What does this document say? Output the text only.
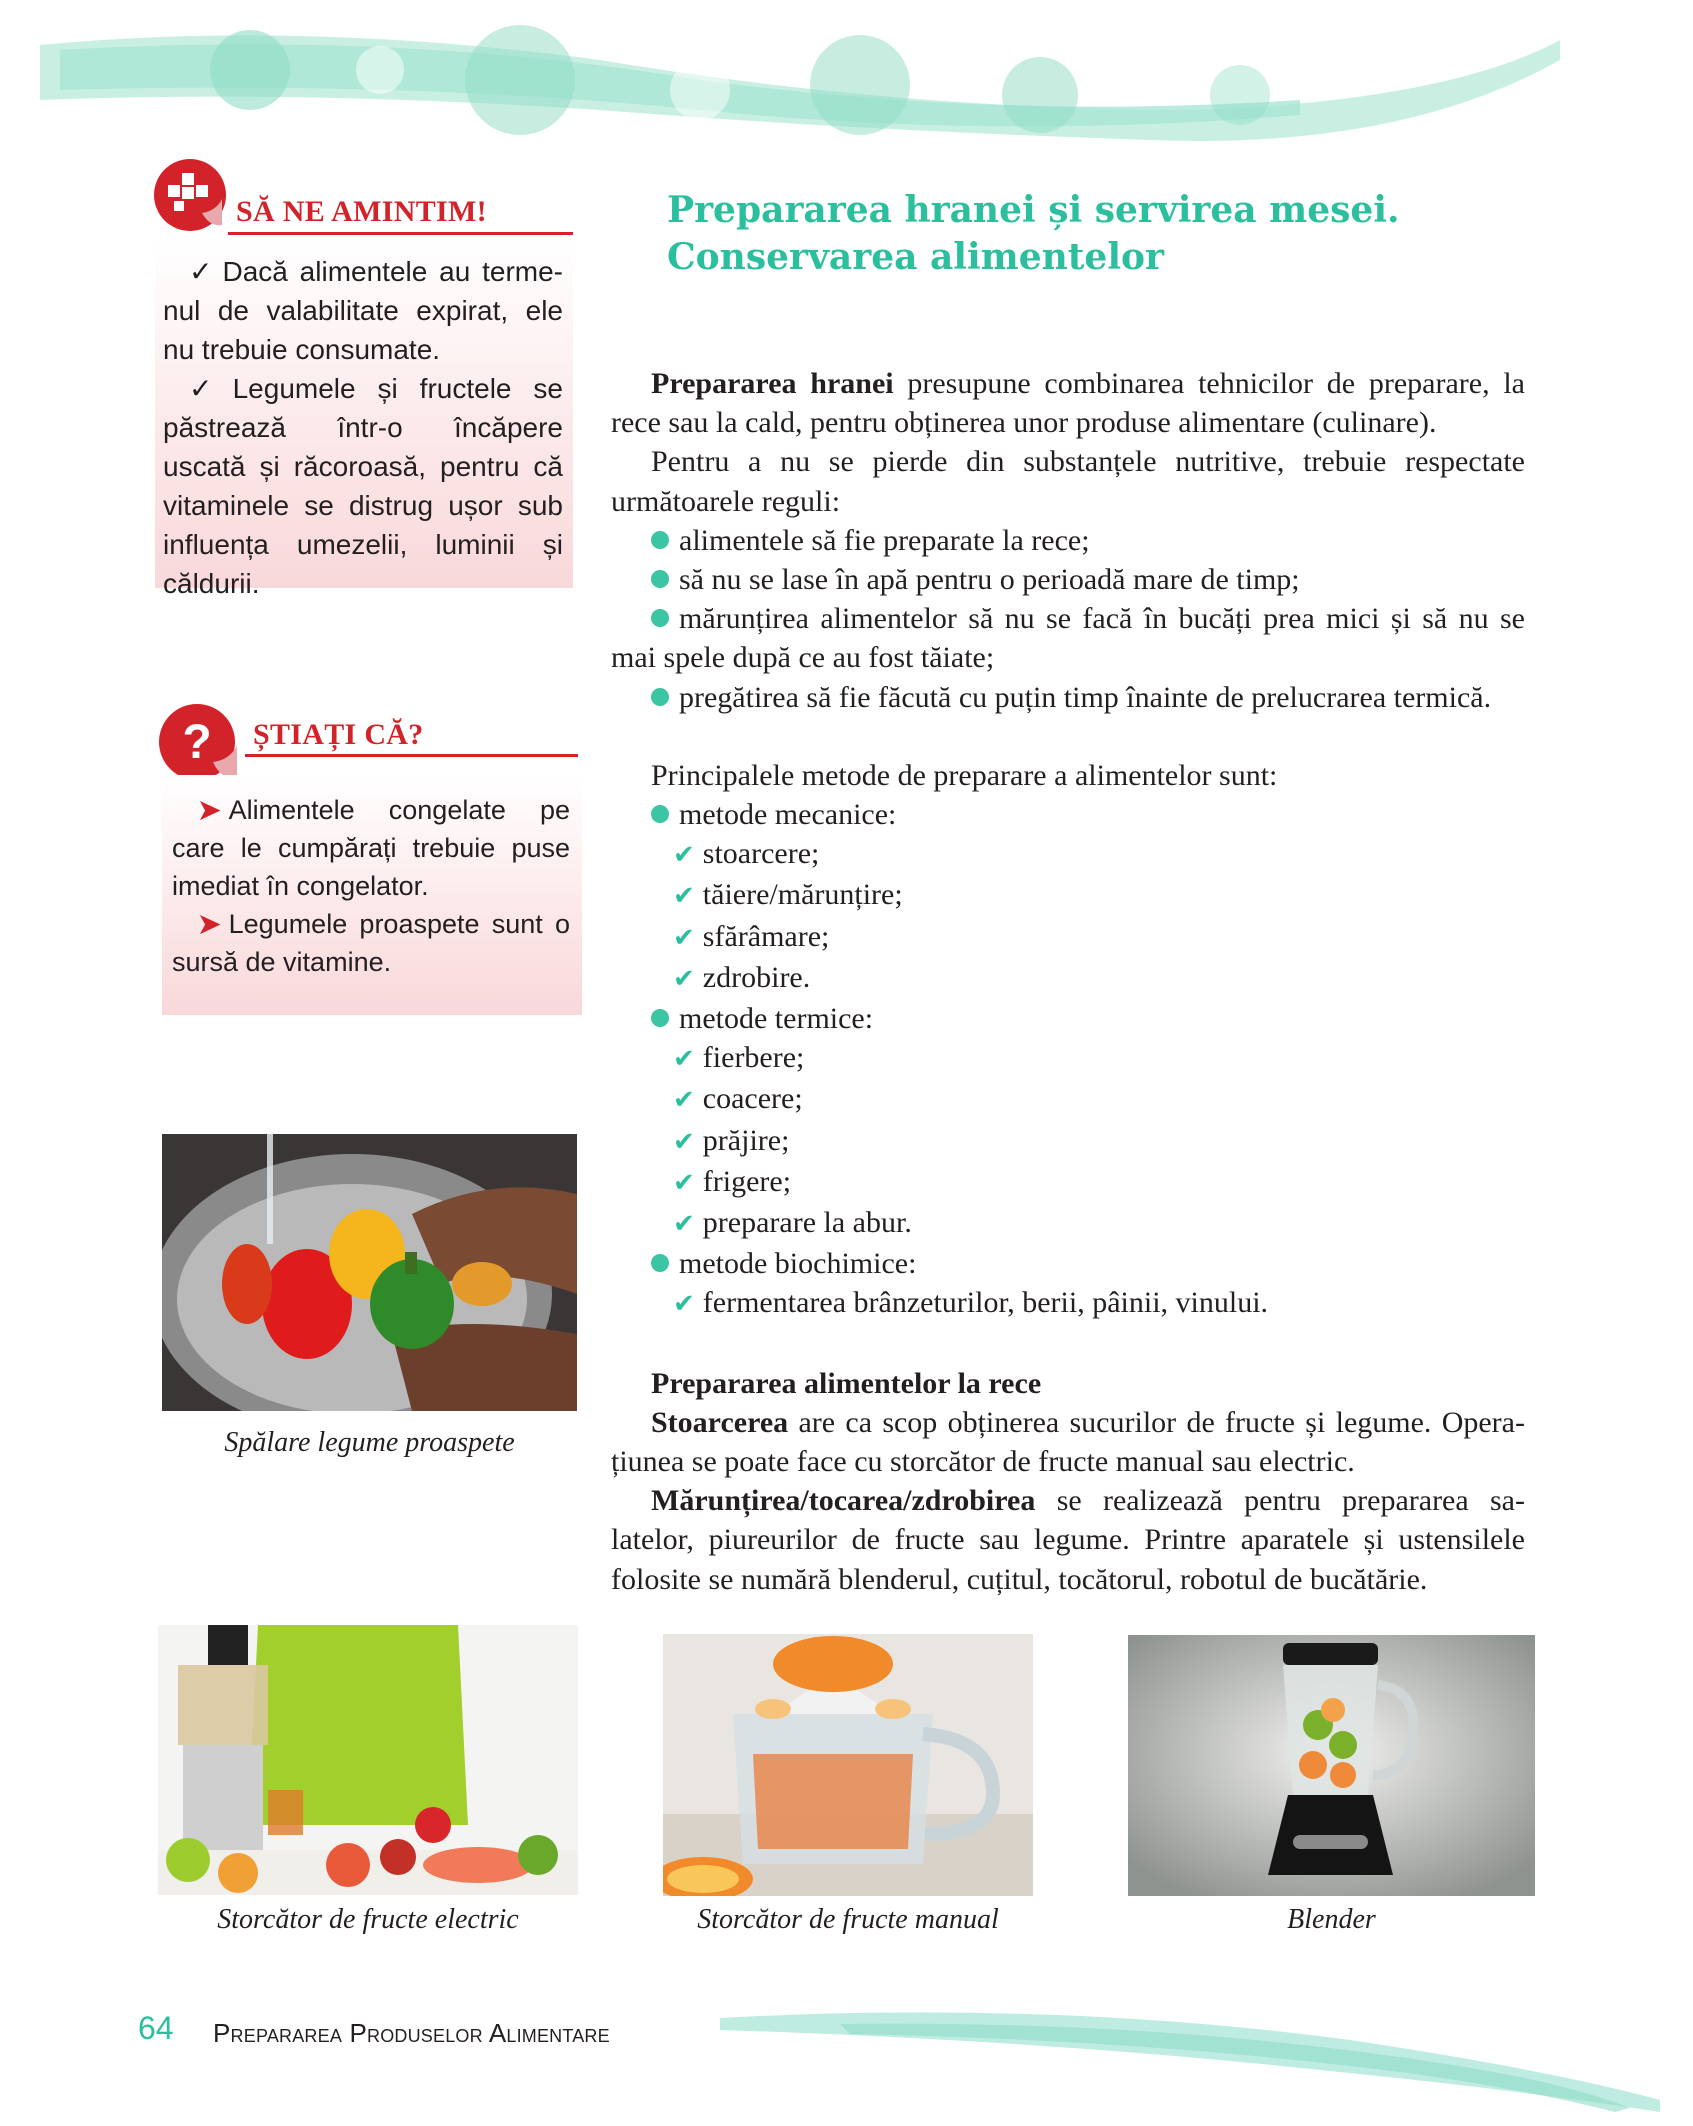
SĂ NE AMINTIM!

✓ Dacă alimentele au termenul de valabilitate expirat, ele nu trebuie consumate.

✓ Legumele și fructele se păstrează într-o încăpere uscată și răcoroasă, pentru că vitaminele se distrug ușor sub influența umezelii, luminii și căldurii.

? ȘTIAȚI CĂ?

➤ Alimentele congelate pe care le cumpărați trebuie puse imediat în congelator.

➤ Legumele proaspete sunt o sursă de vitamine.

Spălare legume proaspete
Storcător de fructe electric
Prepararea hranei și servirea mesei.
Conservarea alimentelor

Prepararea hranei presupune combinarea tehnicilor de preparare, la rece sau la cald, pentru obținerea unor produse alimentare (culinare).

Pentru a nu se pierde din substanțele nutritive, trebuie respectate următoarele reguli:

alimentele să fie preparate la rece;

să nu se lase în apă pentru o perioadă mare de timp;

mărunțirea alimentelor să nu se facă în bucăți prea mici și să nu se mai spele după ce au fost tăiate;

pregătirea să fie făcută cu puțin timp înainte de prelucrarea termică.

Principalele metode de preparare a alimentelor sunt:

metode mecanice:

✔ stoarcere;

✔ tăiere/mărunțire;

✔ sfărâmare;

✔ zdrobire.

metode termice:

✔ fierbere;

✔ coacere;

✔ prăjire;

✔ frigere;

✔ preparare la abur.

metode biochimice:

✔ fermentarea brânzeturilor, berii, pâinii, vinului.

Prepararea alimentelor la rece

Stoarcerea are ca scop obținerea sucurilor de fructe și legume. Operațiunea se poate face cu storcător de fructe manual sau electric.

Mărunțirea/tocarea/zdrobirea se realizează pentru prepararea salatelor, piureurilor de fructe sau legume. Printre aparatele și ustensilele folosite se numără blenderul, cuțitul, tocătorul, robotul de bucătărie.

Storcător de fructe manual	Blender
64 Prepararea Produselor Alimentare
